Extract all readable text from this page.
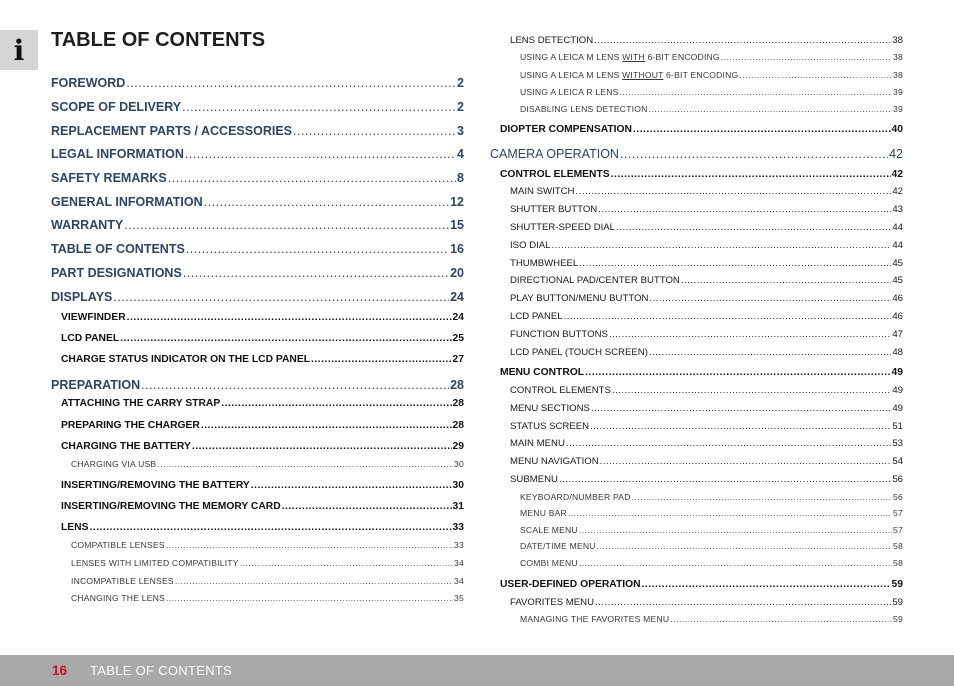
i TABLE OF CONTENTS
FOREWORD .....	2
SCOPE OF DELIVERY .....	2
REPLACEMENT PARTS / ACCESSORIES .....	3
LEGAL INFORMATION .....	4
SAFETY REMARKS .....	8
GENERAL INFORMATION .....	12
WARRANTY .....	15
TABLE OF CONTENTS .....	16
PART DESIGNATIONS .....	20
DISPLAYS .....	24
VIEWFINDER .....	24
LCD PANEL .....	25
CHARGE STATUS INDICATOR ON THE LCD PANEL .....	27
PREPARATION .....	28
ATTACHING THE CARRY STRAP .....	28
PREPARING THE CHARGER .....	28
CHARGING THE BATTERY .....	29
CHARGING VIA USB .....	30
INSERTING/REMOVING THE BATTERY .....	30
INSERTING/REMOVING THE MEMORY CARD .....	31
LENS .....	33
COMPATIBLE LENSES .....	33
LENSES WITH LIMITED COMPATIBILITY .....	34
INCOMPATIBLE LENSES .....	34
CHANGING THE LENS .....	35
LENS DETECTION .....	38
USING A LEICA M LENS WITH 6-BIT ENCODING .....	38
USING A LEICA M LENS WITHOUT 6-BIT ENCODING .....	38
USING A LEICA R LENS .....	39
DISABLING LENS DETECTION .....	39
DIOPTER COMPENSATION .....	40
CAMERA OPERATION .....	42
CONTROL ELEMENTS .....	42
MAIN SWITCH .....	42
SHUTTER BUTTON .....	43
SHUTTER-SPEED DIAL .....	44
ISO DIAL .....	44
THUMBWHEEL .....	45
DIRECTIONAL PAD/CENTER BUTTON .....	45
PLAY BUTTON/MENU BUTTON .....	46
LCD PANEL .....	46
FUNCTION BUTTONS .....	47
LCD PANEL (TOUCH SCREEN) .....	48
MENU CONTROL .....	49
CONTROL ELEMENTS .....	49
MENU SECTIONS .....	49
STATUS SCREEN .....	51
MAIN MENU .....	53
MENU NAVIGATION .....	54
SUBMENU .....	56
KEYBOARD/NUMBER PAD .....	56
MENU BAR .....	57
SCALE MENU .....	57
DATE/TIME MENU .....	58
COMBI MENU .....	58
USER-DEFINED OPERATION .....	59
FAVORITES MENU .....	59
MANAGING THE FAVORITES MENU .....	59
16	TABLE OF CONTENTS
